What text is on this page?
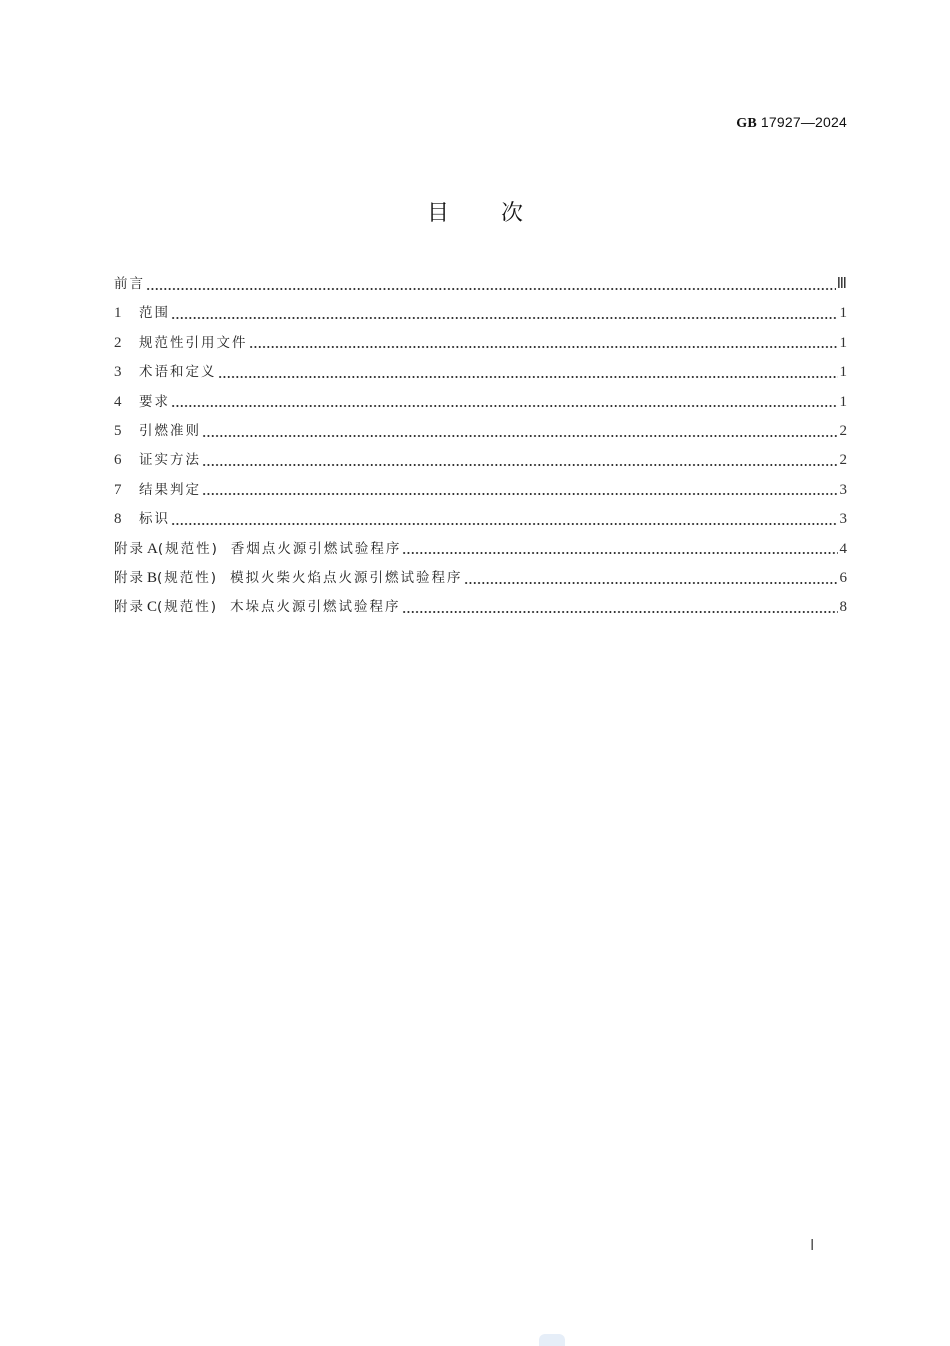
GB 17927—2024
目 次
前言	Ⅲ
1	范围	1
2	规范性引用文件	1
3	术语和定义	1
4	要求	1
5	引燃准则	2
6	证实方法	2
7	结果判定	3
8	标识	3
附录 A(规范性) 香烟点火源引燃试验程序	4
附录 B(规范性) 模拟火柴火焰点火源引燃试验程序	6
附录 C(规范性) 木垛点火源引燃试验程序	8
Ⅰ
